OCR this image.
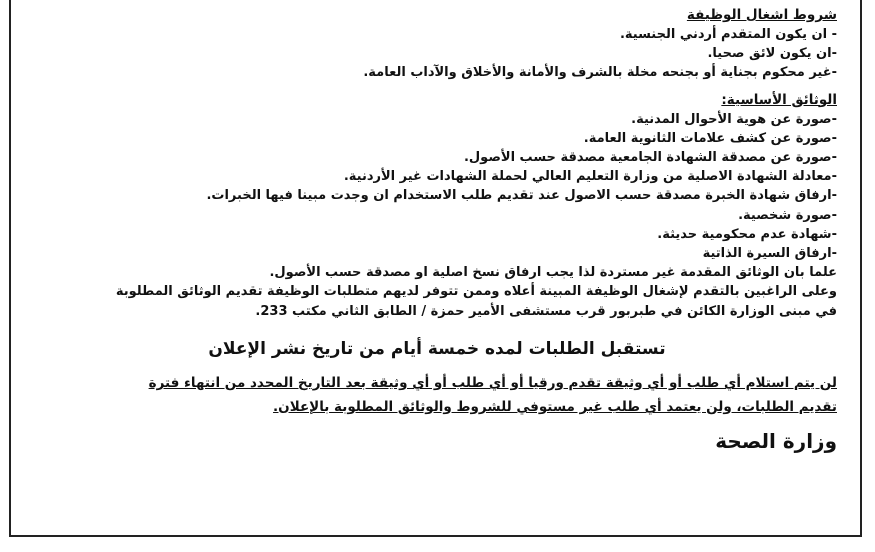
شروط اشغال الوظيفة

- ان يكون المتقدم أردني الجنسية.

-ان يكون لائق صحيا.

-غير محكوم بجناية أو بجنحه مخلة بالشرف والأمانة والأخلاق والآداب العامة.

الوثائق الأساسية:

-صورة عن هوية الأحوال المدنية.

-صورة عن كشف علامات الثانوية العامة.

-صورة عن مصدقة الشهادة الجامعية مصدقة حسب الأصول.

-معادلة الشهادة الاصلية من وزارة التعليم العالي لحملة الشهادات غير الأردنية.

-ارفاق شهادة الخبرة مصدقة حسب الاصول عند تقديم طلب الاستخدام ان وجدت مبينا فيها الخبرات.

-صورة شخصية.

-شهادة عدم محكومية حديثة.

-ارفاق السيرة الذاتية

علما بان الوثائق المقدمة غير مستردة لذا يجب ارفاق نسخ اصلية او مصدقة حسب الأصول.

وعلى الراغبين بالتقدم لإشغال الوظيفة المبينة أعلاه وممن تتوفر لديهم متطلبات الوظيفة تقديم الوثائق المطلوبة

في مبنى الوزارة الكائن في طبربور قرب مستشفى الأمير حمزة / الطابق الثاني مكتب 233.

تستقبل الطلبات لمده خمسة أيام من تاريخ نشر الإعلان

لن يتم استلام أي طلب أو أي وثيقة تقدم ورقيا أو أي طلب أو أي وثيقة بعد التاريخ المحدد من انتهاء فترة

تقديم الطلبات، ولن يعتمد أي طلب غير مستوفي للشروط والوثائق المطلوبة بالإعلان.

وزارة الصحة
